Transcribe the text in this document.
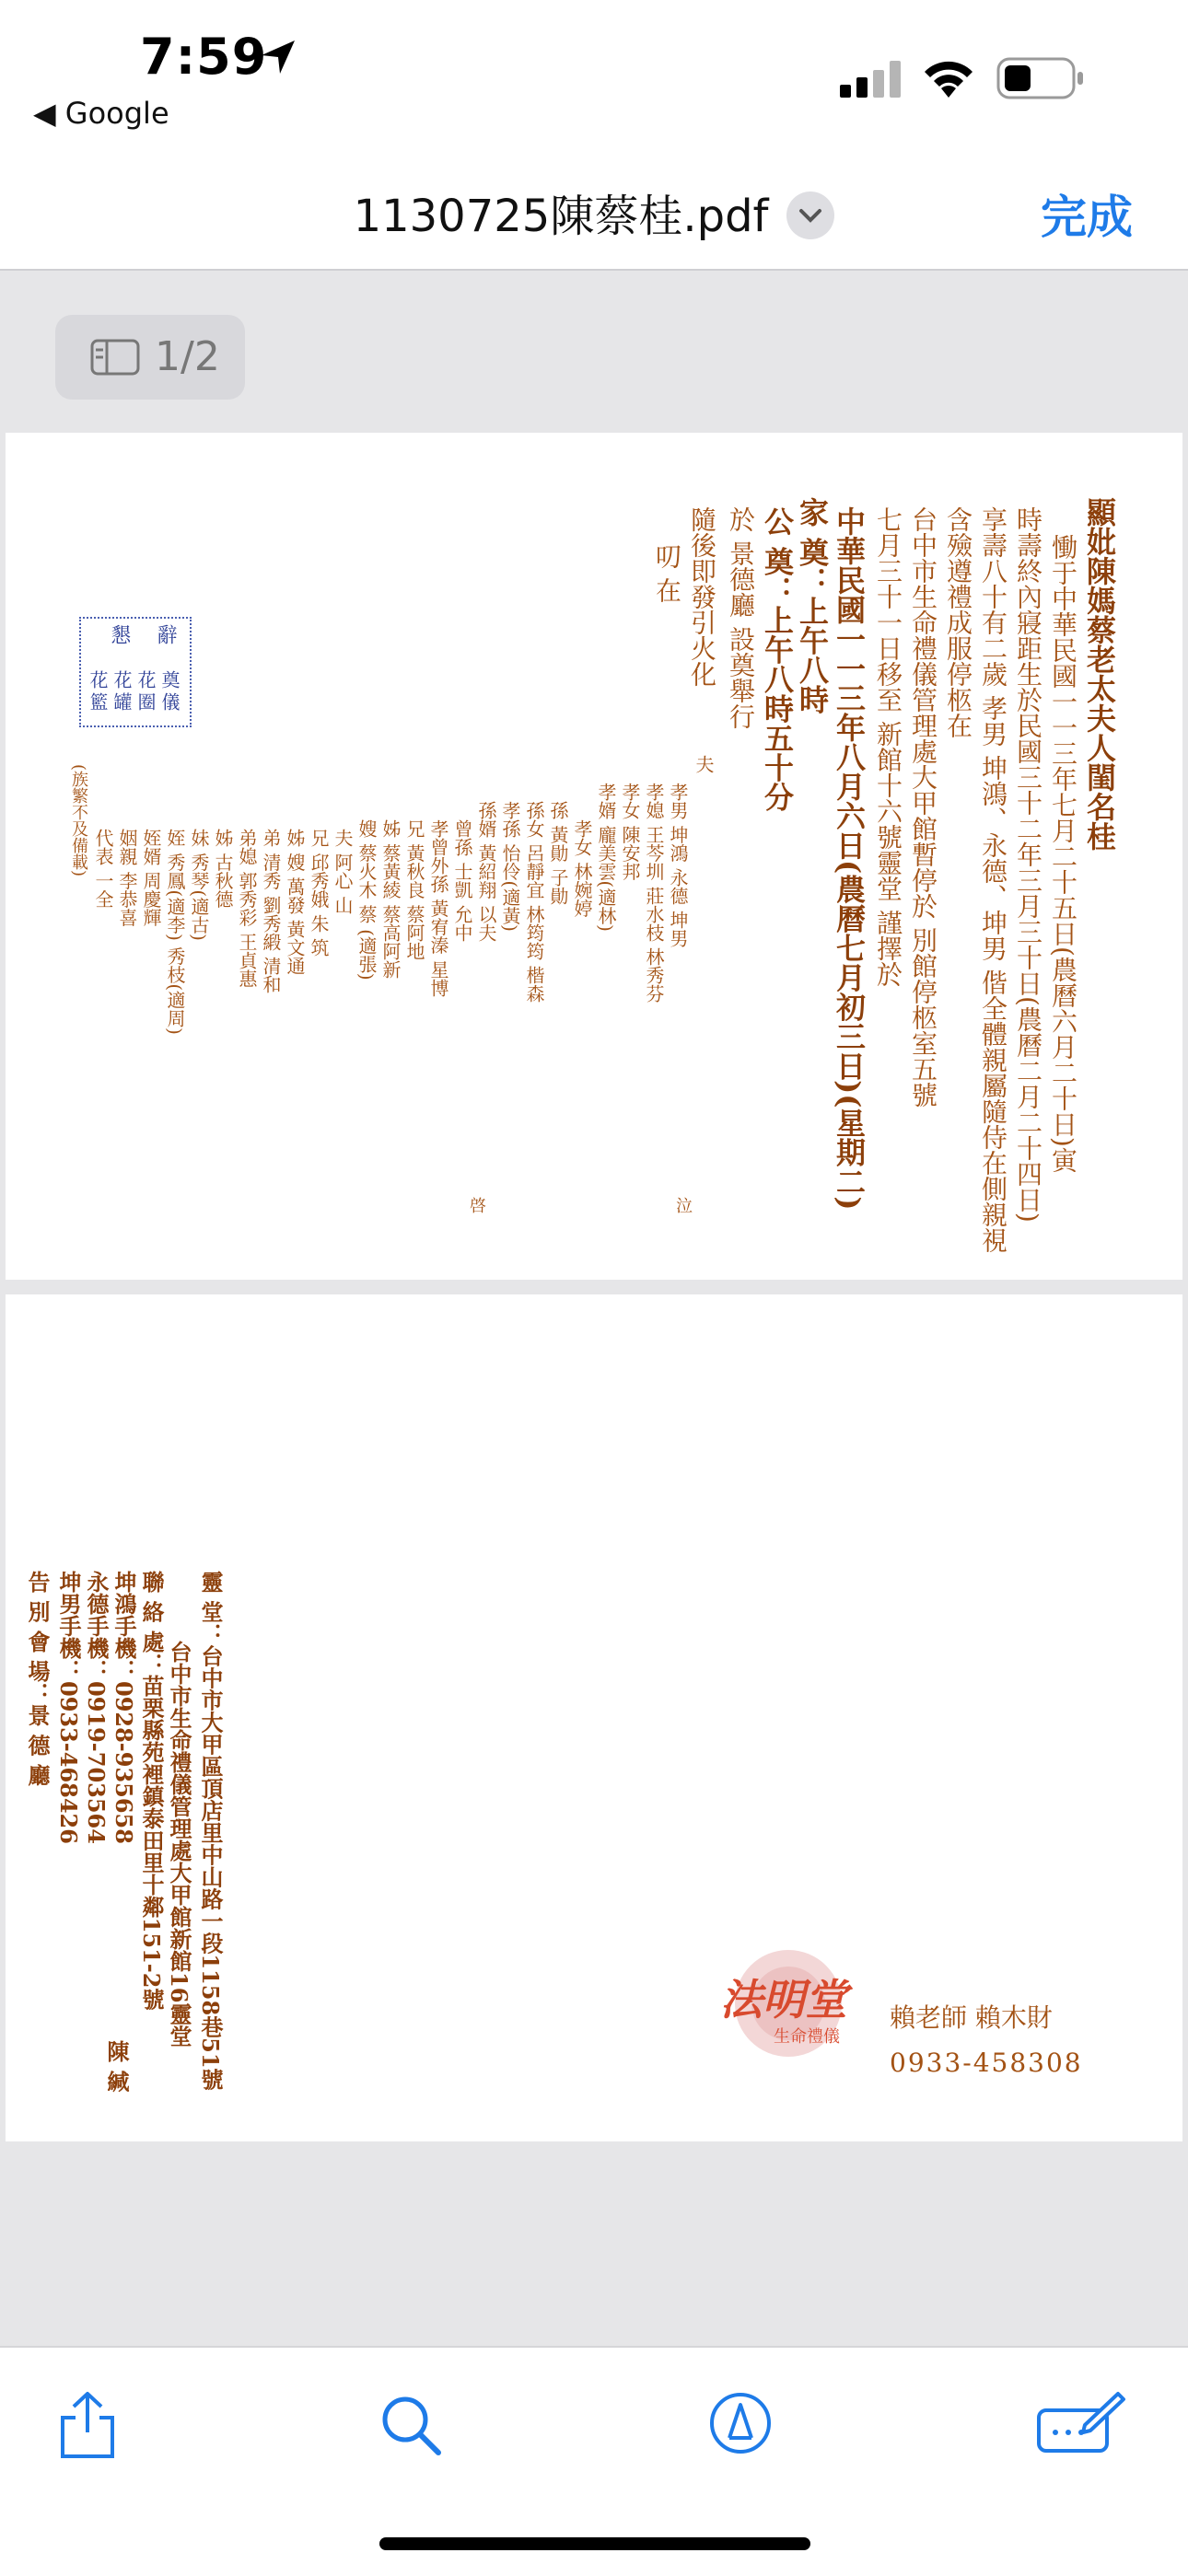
7:59
◀ Google
1130725陳蔡桂.pdf	完成
1/2
顯妣陳媽蔡老太夫人閨名桂
慟于中華民國一一三年七月二十五日(農曆六月二十日)寅
時壽終內寢距生於民國三十二年三月三十日(農曆二月二十四日)
享壽八十有二歲 孝男 坤鴻、永德、坤男 偕全體親屬隨侍在側親視
含殮遵禮成服停柩在
台中市生命禮儀管理處大甲館暫停於 別館停柩室五號
七月三十一日移至 新館十六號靈堂 謹擇於
中華民國一一三年八月六日(農曆七月初三日)(星期二)
家 奠：上午八時
公 奠：上午八時五十分
於 景德廳 設奠舉行
隨後即發引火化
叨 在
夫
孝男 坤鴻 永德 坤男
孝媳 王芩圳 莊水枝 林秀芬
孝女 陳安邦
孝婿 龐美雲(適林)
孝女 林婉婷
孫 黃勛 子勛
孫女 呂靜宜 林筠筠 楷森
孝孫 怡伶(適黃)
孫婿 黃紹翔 以夫
曾孫 士凱 允中
孝曾外孫 黃宥溱 星博
兄 黃秋良 蔡阿地
姊 蔡黃綾 蔡高阿新
嫂 蔡火木 蔡 (適張)
夫 阿心 山
兄 邱秀娥 朱 筑
姊 嫂 萬發 黃文通
弟 清秀 劉秀緞 清和
弟媳 郭秀彩 王貞惠
姊 古秋德
妹 秀琴(適古)
姪 秀鳳(適李) 秀枝(適周)
姪婿 周慶輝
姻親 李恭喜
代表 一全
(族繁不及備載)
辭
懇
奠
儀
花
圈
花
罐
花
籃
泣
啓
靈 堂：台中市大甲區頂店里中山路一段1158巷51號
台中市生命禮儀管理處大甲館新館16靈堂
聯 絡 處：苗栗縣苑裡鎮泰田里十鄰151-2號
坤鴻手機：0928-935658
永德手機：0919-703564
坤男手機：0933-468426
告 別 會 場：景 德 廳
陳 緘
法明堂
生命禮儀
賴老師 賴木財
0933-458308
